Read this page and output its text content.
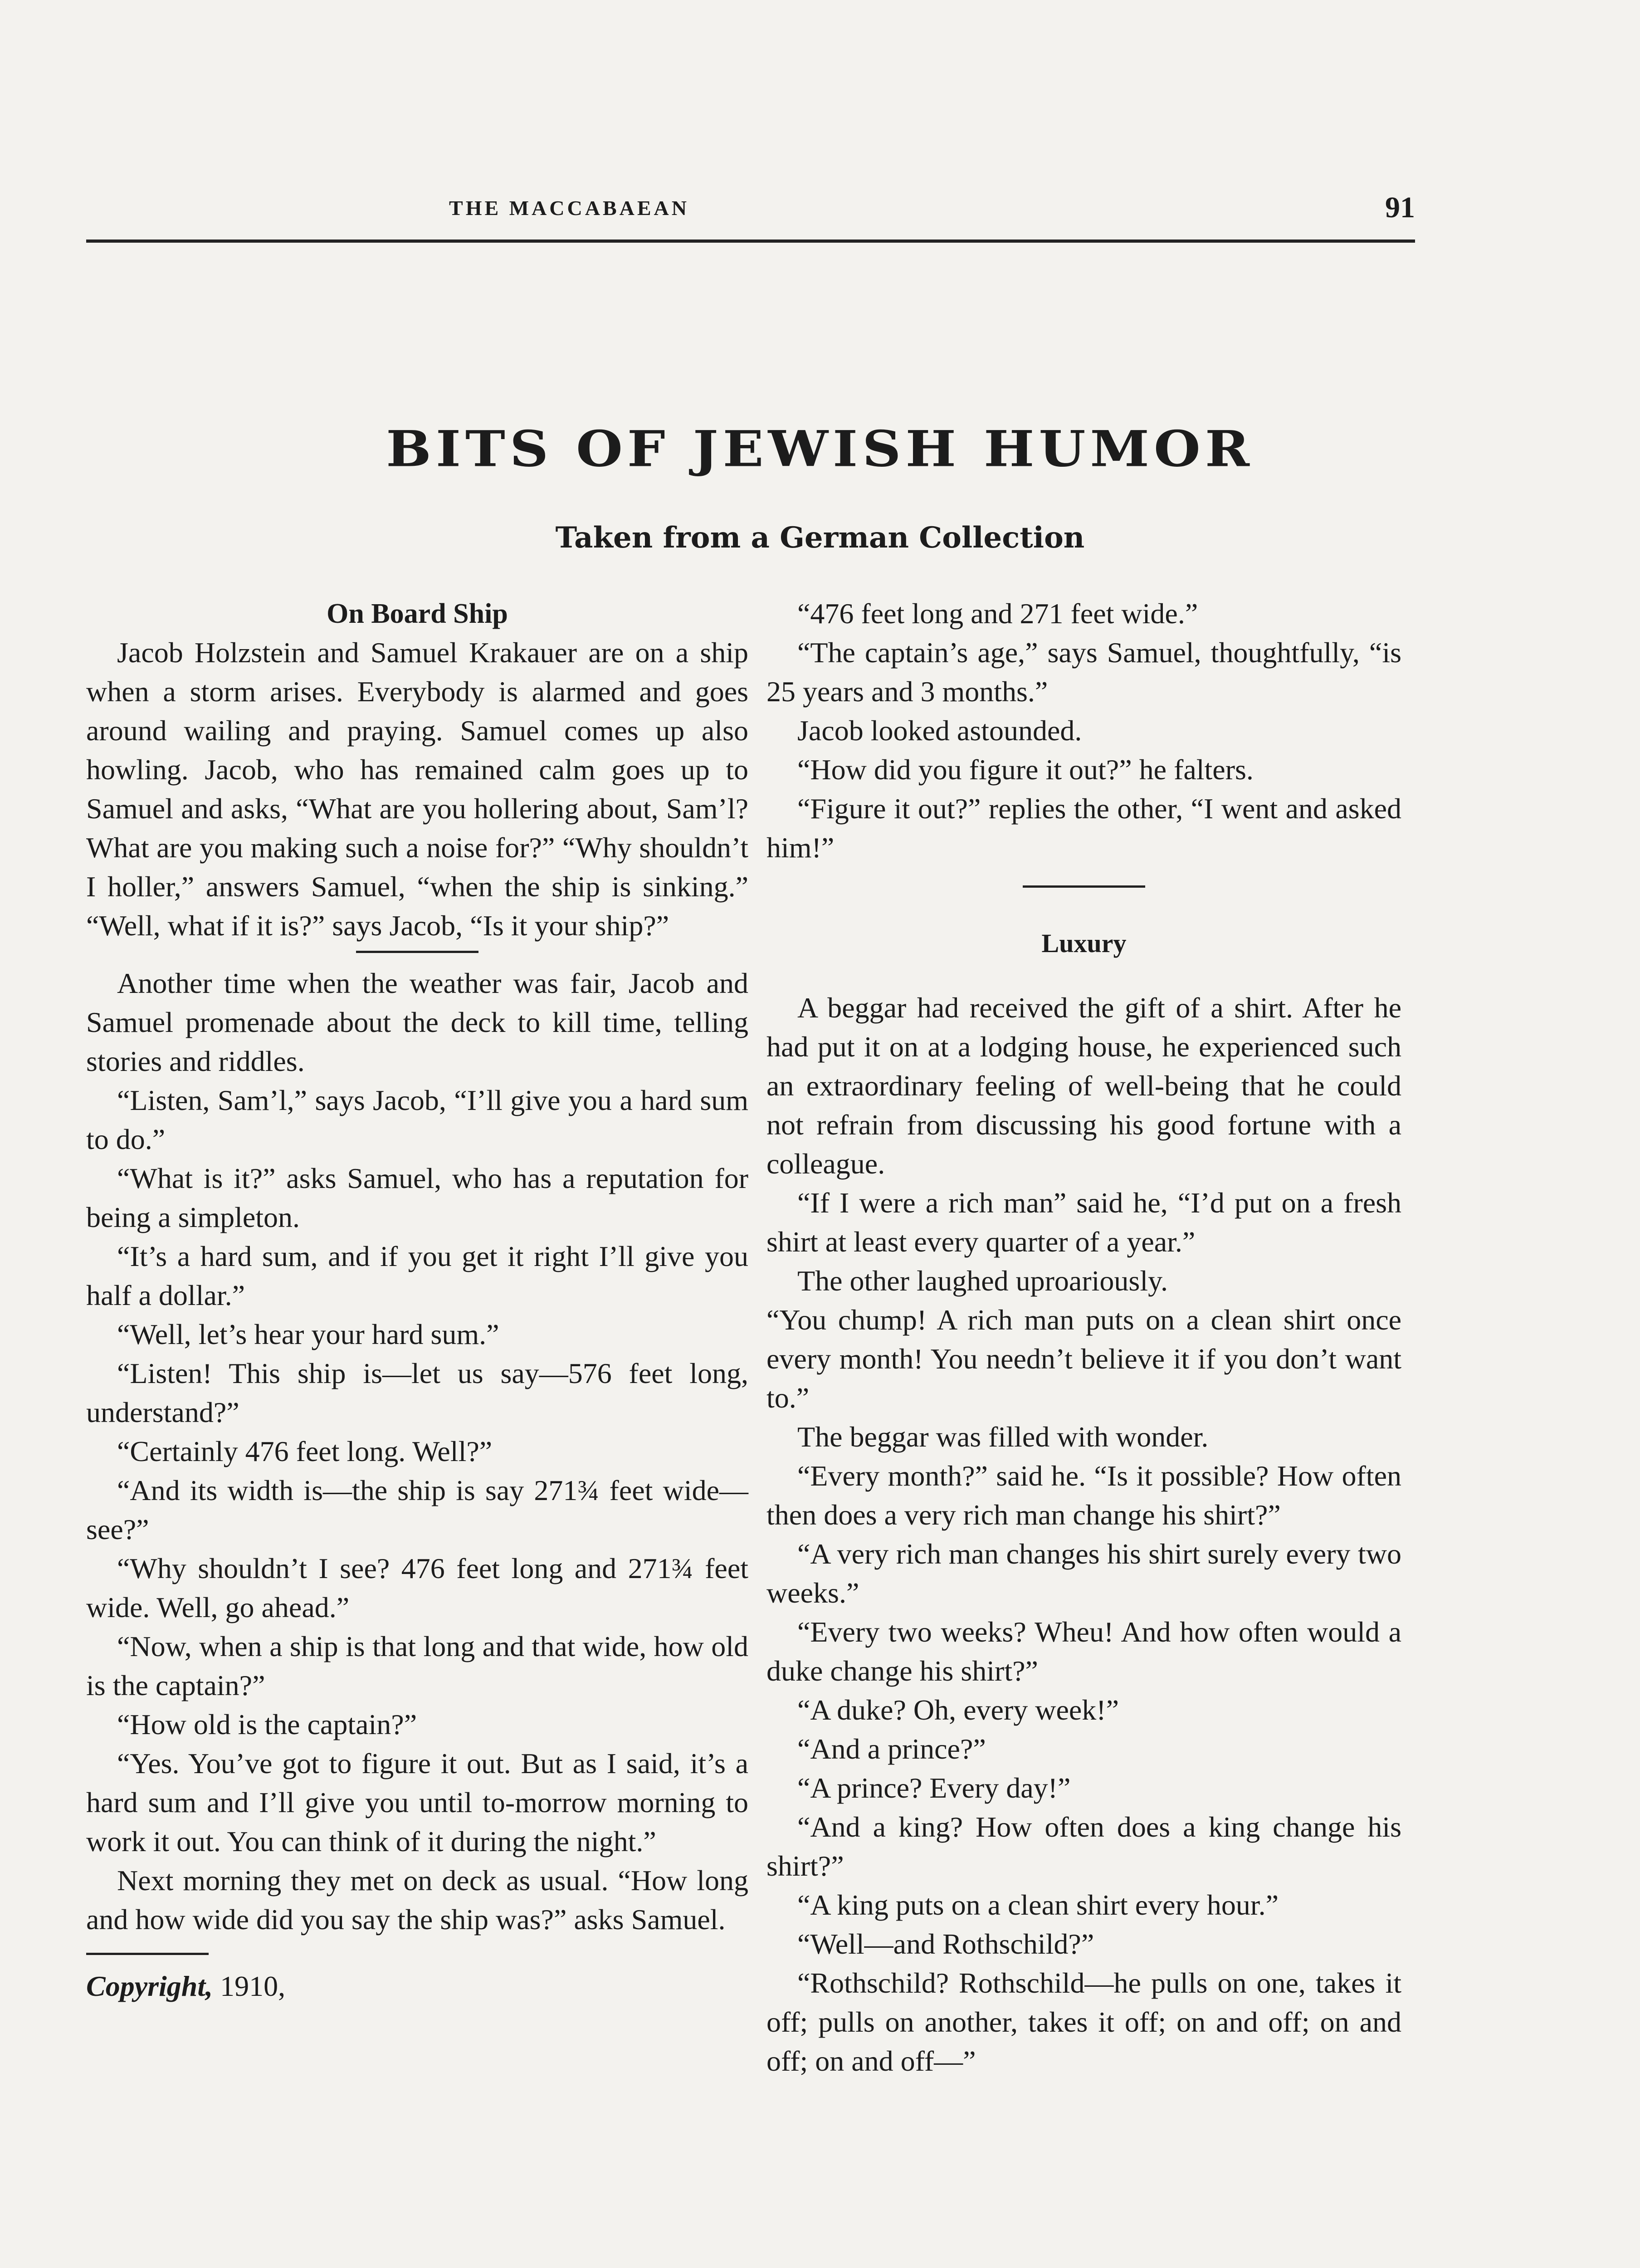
THE MACCABAEAN	91
BITS OF JEWISH HUMOR
Taken from a German Collection
On Board Ship

Jacob Holzstein and Samuel Krakauer are on a ship when a storm arises. Everybody is alarmed and goes around wailing and praying. Samuel comes up also howling. Jacob, who has remained calm goes up to Samuel and asks, “What are you hollering about, Sam’l? What are you making such a noise for?” “Why shouldn’t I holler,” answers Samuel, “when the ship is sinking.” “Well, what if it is?” says Jacob, “Is it your ship?”

Another time when the weather was fair, Jacob and Samuel promenade about the deck to kill time, telling stories and riddles.

“Listen, Sam’l,” says Jacob, “I’ll give you a hard sum to do.”

“What is it?” asks Samuel, who has a reputation for being a simpleton.

“It’s a hard sum, and if you get it right I’ll give you half a dollar.”

“Well, let’s hear your hard sum.”

“Listen! This ship is—let us say—576 feet long, understand?”

“Certainly 476 feet long. Well?”

“And its width is—the ship is say 271¾ feet wide—see?”

“Why shouldn’t I see? 476 feet long and 271¾ feet wide. Well, go ahead.”

“Now, when a ship is that long and that wide, how old is the captain?”

“How old is the captain?”

“Yes. You’ve got to figure it out. But as I said, it’s a hard sum and I’ll give you until to-morrow morning to work it out. You can think of it during the night.”

Next morning they met on deck as usual. “How long and how wide did you say the ship was?” asks Samuel.

Copyright, 1910,

“476 feet long and 271 feet wide.”

“The captain’s age,” says Samuel, thoughtfully, “is 25 years and 3 months.”

Jacob looked astounded.

“How did you figure it out?” he falters.

“Figure it out?” replies the other, “I went and asked him!”

Luxury

A beggar had received the gift of a shirt. After he had put it on at a lodging house, he experienced such an extraordinary feeling of well-being that he could not refrain from discussing his good fortune with a colleague.

“If I were a rich man” said he, “I’d put on a fresh shirt at least every quarter of a year.”

The other laughed uproariously.

“You chump! A rich man puts on a clean shirt once every month! You needn’t believe it if you don’t want to.”

The beggar was filled with wonder.

“Every month?” said he. “Is it possible? How often then does a very rich man change his shirt?”

“A very rich man changes his shirt surely every two weeks.”

“Every two weeks? Wheu! And how often would a duke change his shirt?”

“A duke? Oh, every week!”

“And a prince?”

“A prince? Every day!”

“And a king? How often does a king change his shirt?”

“A king puts on a clean shirt every hour.”

“Well—and Rothschild?”

“Rothschild? Rothschild—he pulls on one, takes it off; pulls on another, takes it off; on and off; on and off; on and off—”
